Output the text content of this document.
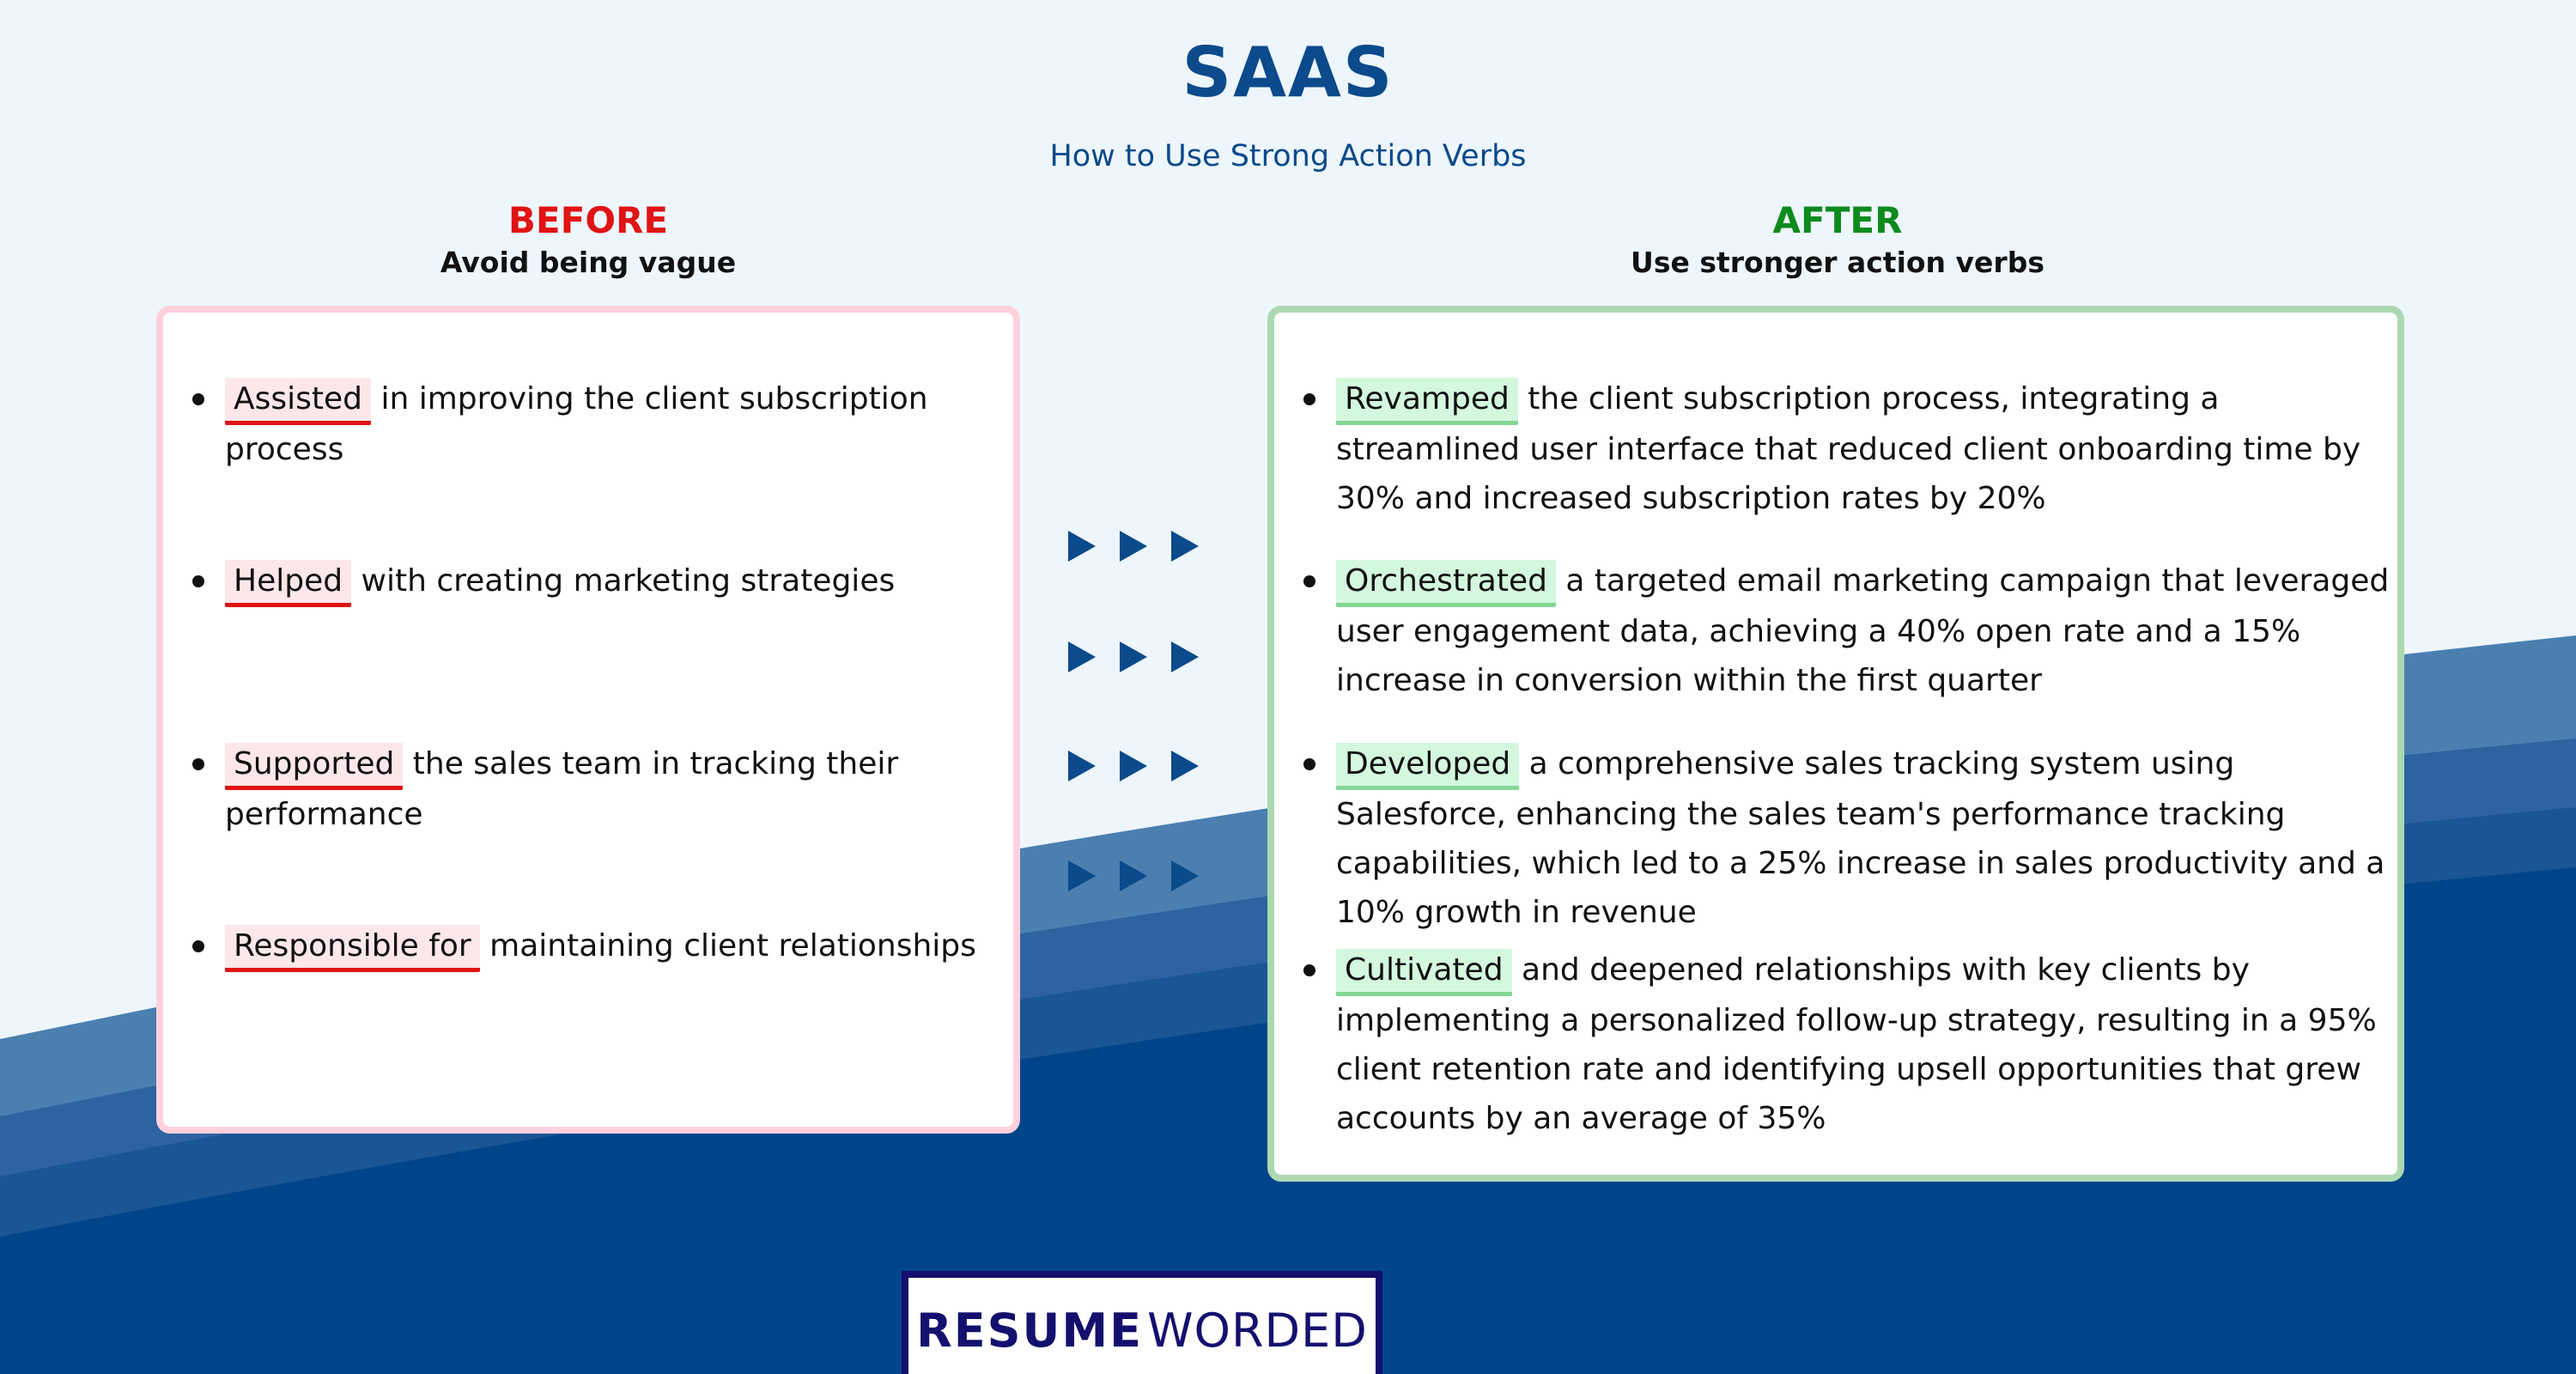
SAAS
How to Use Strong Action Verbs
BEFORE
Avoid being vague
AFTER
Use stronger action verbs
Assisted in improving the client subscription process
Helped with creating marketing strategies
Supported the sales team in tracking their performance
Responsible for maintaining client relationships
Revamped the client subscription process, integrating a streamlined user interface that reduced client onboarding time by 30% and increased subscription rates by 20%
Orchestrated a targeted email marketing campaign that leveraged user engagement data, achieving a 40% open rate and a 15% increase in conversion within the first quarter
Developed a comprehensive sales tracking system using Salesforce, enhancing the sales team's performance tracking capabilities, which led to a 25% increase in sales productivity and a 10% growth in revenue
Cultivated and deepened relationships with key clients by implementing a personalized follow-up strategy, resulting in a 95% client retention rate and identifying upsell opportunities that grew accounts by an average of 35%
RESUME WORDED
